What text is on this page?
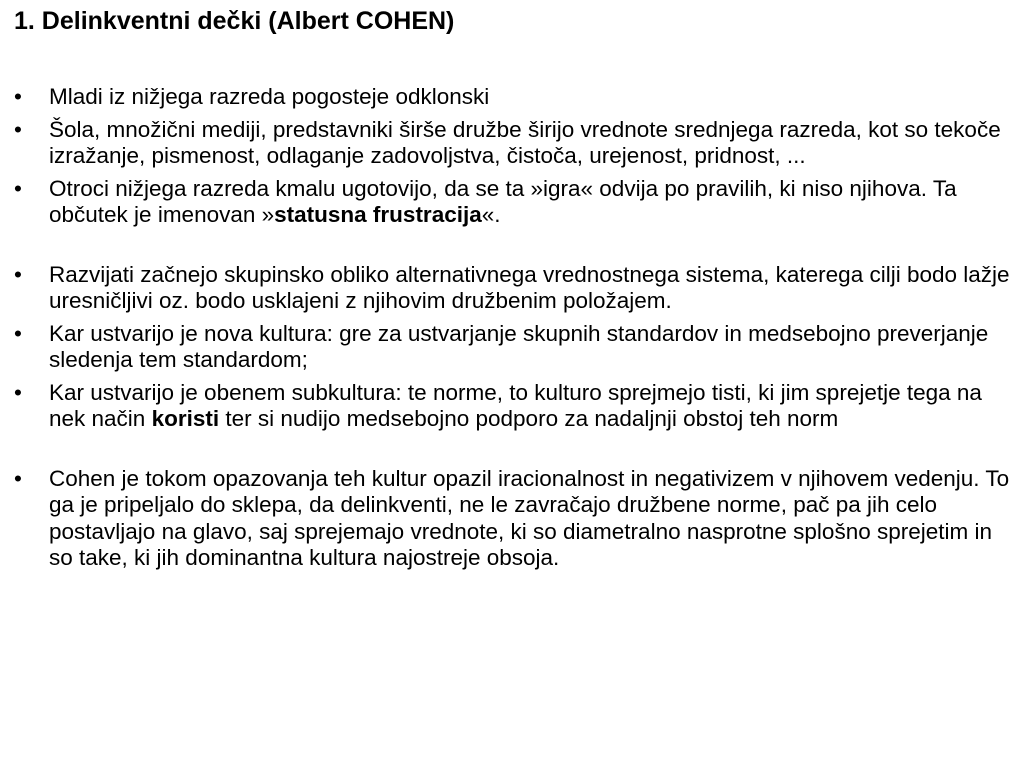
1. Delinkventni dečki (Albert COHEN)
•	Mladi iz nižjega razreda pogosteje odklonski
•	Šola, množični mediji, predstavniki širše družbe širijo vrednote srednjega razreda, kot so tekoče izražanje, pismenost, odlaganje zadovoljstva, čistoča, urejenost, pridnost, ...
•	Otroci nižjega razreda kmalu ugotovijo, da se ta »igra« odvija po pravilih, ki niso njihova. Ta občutek je imenovan »statusna frustracija«.
•	Razvijati začnejo skupinsko obliko alternativnega vrednostnega sistema, katerega cilji bodo lažje uresničljivi oz. bodo usklajeni z njihovim družbenim položajem.
•	Kar ustvarijo je nova kultura: gre za ustvarjanje skupnih standardov in medsebojno preverjanje sledenja tem standardom;
•	Kar ustvarijo je obenem subkultura: te norme, to kulturo sprejmejo tisti, ki jim sprejetje tega na nek način koristi ter si nudijo medsebojno podporo za nadaljnji obstoj teh norm
•	Cohen je tokom opazovanja teh kultur opazil iracionalnost in negativizem v njihovem vedenju. To ga je pripeljalo do sklepa, da delinkventi, ne le zavračajo družbene norme, pač pa jih celo postavljajo na glavo, saj sprejemajo vrednote, ki so diametralno nasprotne splošno sprejetim in so take, ki jih dominantna kultura najostreje obsoja.
